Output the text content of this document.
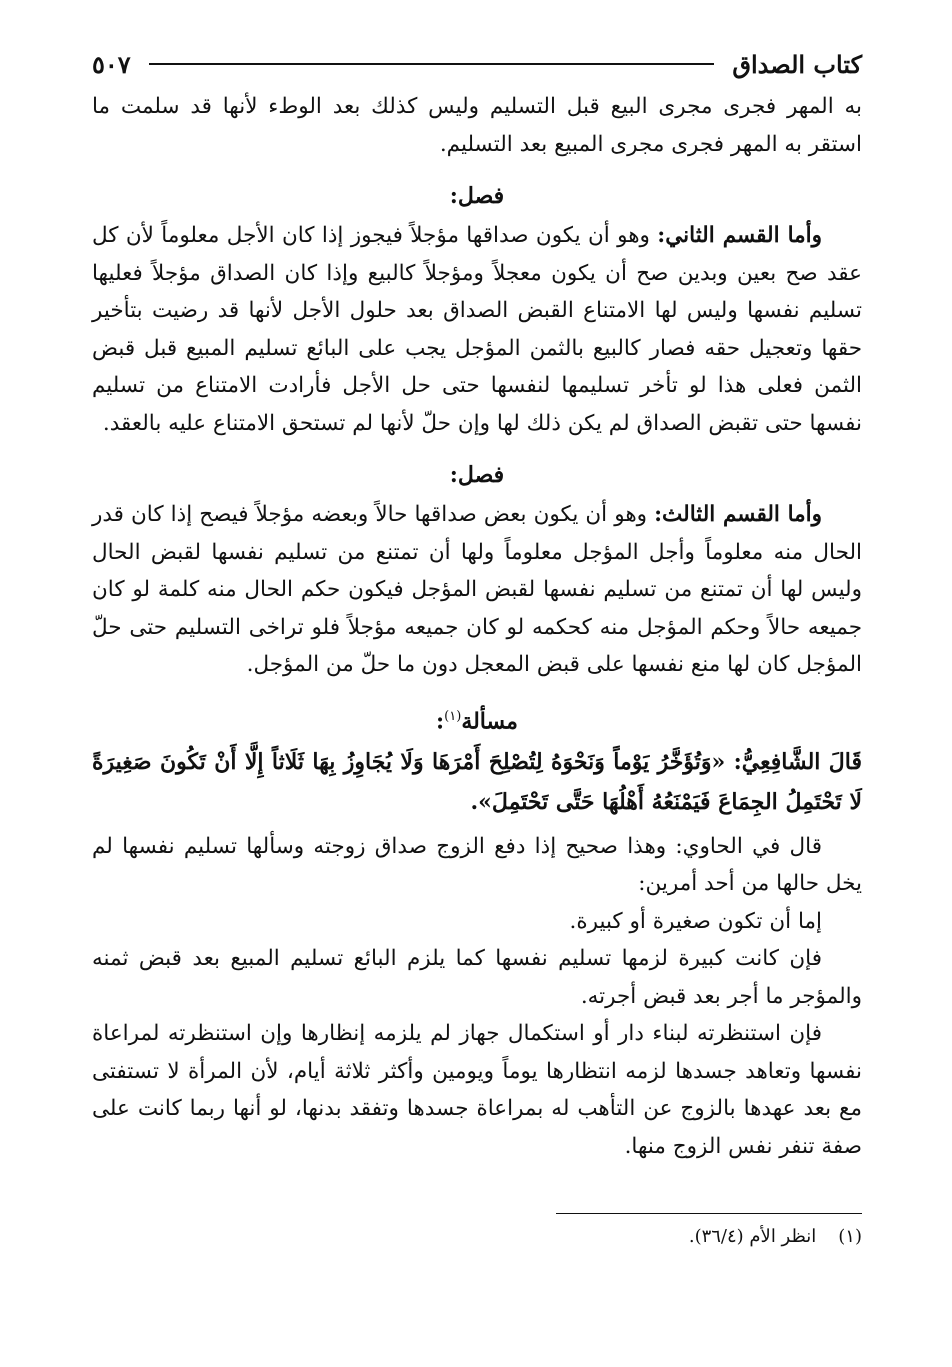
كتاب الصداق
٥٠٧

به المهر فجرى مجرى البيع قبل التسليم وليس كذلك بعد الوطء لأنها قد سلمت ما استقر به المهر فجرى مجرى المبيع بعد التسليم.

فصل:

وأما القسم الثاني: وهو أن يكون صداقها مؤجلاً فيجوز إذا كان الأجل معلوماً لأن كل عقد صح بعين وبدين صح أن يكون معجلاً ومؤجلاً كالبيع وإذا كان الصداق مؤجلاً فعليها تسليم نفسها وليس لها الامتناع القبض الصداق بعد حلول الأجل لأنها قد رضيت بتأخير حقها وتعجيل حقه فصار كالبيع بالثمن المؤجل يجب على البائع تسليم المبيع قبل قبض الثمن فعلى هذا لو تأخر تسليمها لنفسها حتى حل الأجل فأرادت الامتناع من تسليم نفسها حتى تقبض الصداق لم يكن ذلك لها وإن حلّ لأنها لم تستحق الامتناع عليه بالعقد.

فصل:

وأما القسم الثالث: وهو أن يكون بعض صداقها حالاً وبعضه مؤجلاً فيصح إذا كان قدر الحال منه معلوماً وأجل المؤجل معلوماً ولها أن تمتنع من تسليم نفسها لقبض الحال وليس لها أن تمتنع من تسليم نفسها لقبض المؤجل فيكون حكم الحال منه كلمة لو كان جميعه حالاً وحكم المؤجل منه كحكمه لو كان جميعه مؤجلاً فلو تراخى التسليم حتى حلّ المؤجل كان لها منع نفسها على قبض المعجل دون ما حلّ من المؤجل.

مسألة$^{(١)}$:

قَالَ الشَّافِعِيُّ: «وَتُؤَخَّرُ يَوْماً وَنَحْوَهُ لِتُصْلِحَ أَمْرَهَا وَلَا يُجَاوِزُ بِهَا ثَلَاثاً إِلَّا أَنْ تَكُونَ صَغِيرَةً لَا تَحْتَمِلُ الجِمَاعَ فَيَمْنَعُهُ أَهْلُهَا حَتَّى تَحْتَمِلَ».

قال في الحاوي: وهذا صحيح إذا دفع الزوج صداق زوجته وسألها تسليم نفسها لم يخل حالها من أحد أمرين:

إما أن تكون صغيرة أو كبيرة.

فإن كانت كبيرة لزمها تسليم نفسها كما يلزم البائع تسليم المبيع بعد قبض ثمنه والمؤجر ما أجر بعد قبض أجرته.

فإن استنظرته لبناء دار أو استكمال جهاز لم يلزمه إنظارها وإن استنظرته لمراعاة نفسها وتعاهد جسدها لزمه انتظارها يوماً ويومين وأكثر ثلاثة أيام، لأن المرأة لا تستفتى مع بعد عهدها بالزوج عن التأهب له بمراعاة جسدها وتفقد بدنها، لو أنها ربما كانت على صفة تنفر نفس الزوج منها.

(١)انظر الأم (٣٦/٤).
